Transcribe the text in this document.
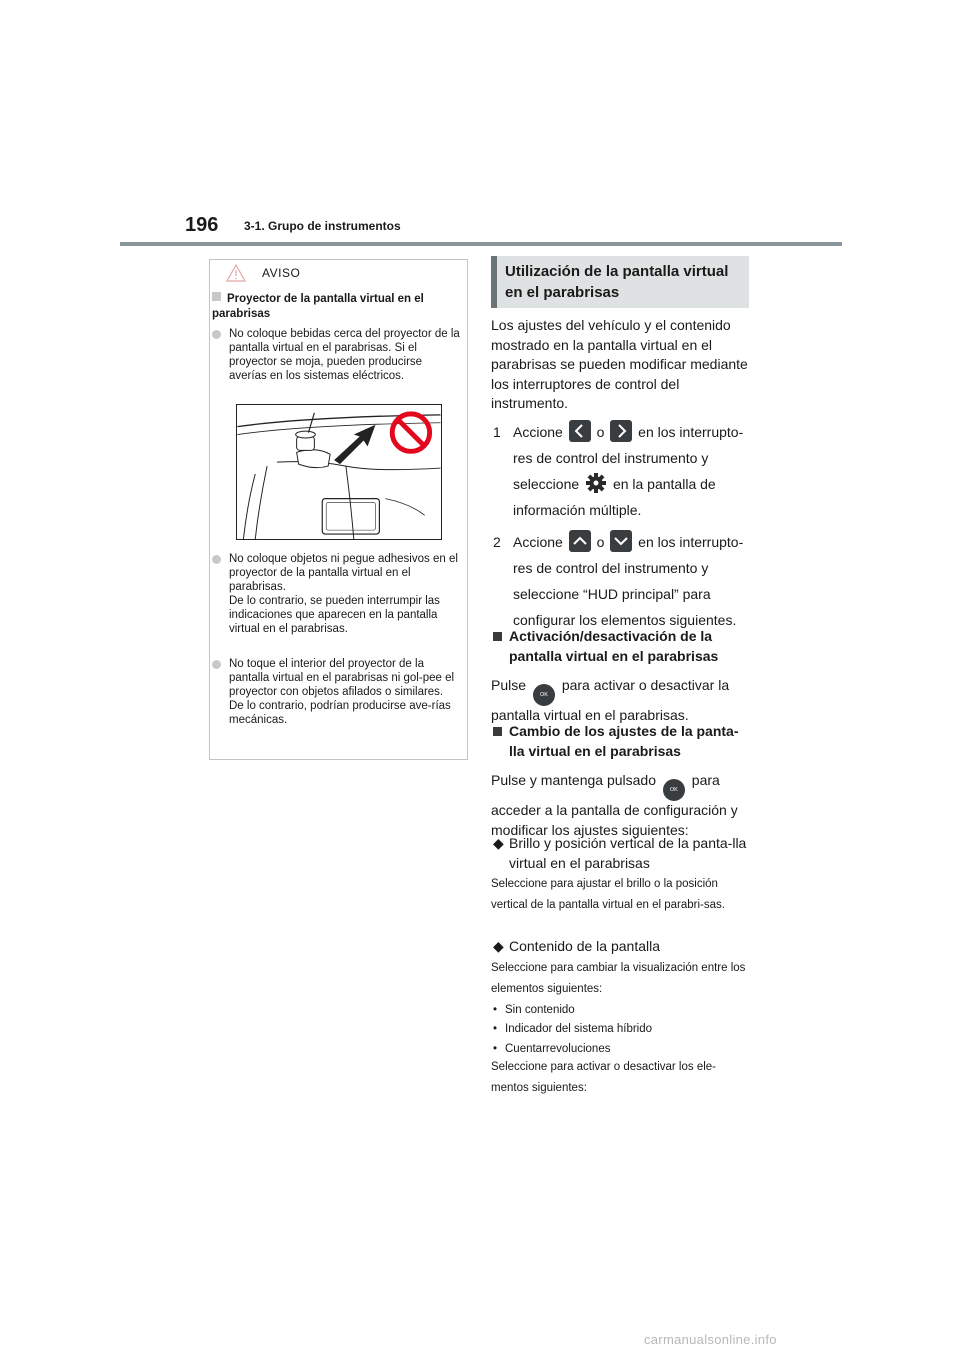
196 3-1. Grupo de instrumentos
AVISO
Proyector de la pantalla virtual en el parabrisas
No coloque bebidas cerca del proyector de la pantalla virtual en el parabrisas. Si el proyector se moja, pueden producirse averías en los sistemas eléctricos.
No coloque objetos ni pegue adhesivos en el proyector de la pantalla virtual en el parabrisas.
De lo contrario, se pueden interrumpir las indicaciones que aparecen en la pantalla virtual en el parabrisas.
No toque el interior del proyector de la pantalla virtual en el parabrisas ni gol-pee el proyector con objetos afilados o similares.
De lo contrario, podrían producirse ave-rías mecánicas.
Utilización de la pantalla virtual en el parabrisas
Los ajustes del vehículo y el contenido mostrado en la pantalla virtual en el parabrisas se pueden modificar mediante los interruptores de control del instrumento.
1 Accione o en los interrupto-res de control del instrumento y seleccione en la pantalla de información múltiple.
2 Accione o en los interrupto-res de control del instrumento y seleccione “HUD principal” para configurar los elementos siguientes.
Activación/desactivación de la pantalla virtual en el parabrisas
Pulse OK para activar o desactivar la pantalla virtual en el parabrisas.
Cambio de los ajustes de la panta-lla virtual en el parabrisas
Pulse y mantenga pulsado OK para acceder a la pantalla de configuración y modificar los ajustes siguientes:
◆ Brillo y posición vertical de la panta-lla virtual en el parabrisas
Seleccione para ajustar el brillo o la posición vertical de la pantalla virtual en el parabri-sas.
◆ Contenido de la pantalla
Seleccione para cambiar la visualización entre los elementos siguientes:
• Sin contenido
• Indicador del sistema híbrido
• Cuentarrevoluciones
Seleccione para activar o desactivar los ele-mentos siguientes:
carmanualsonline.info
